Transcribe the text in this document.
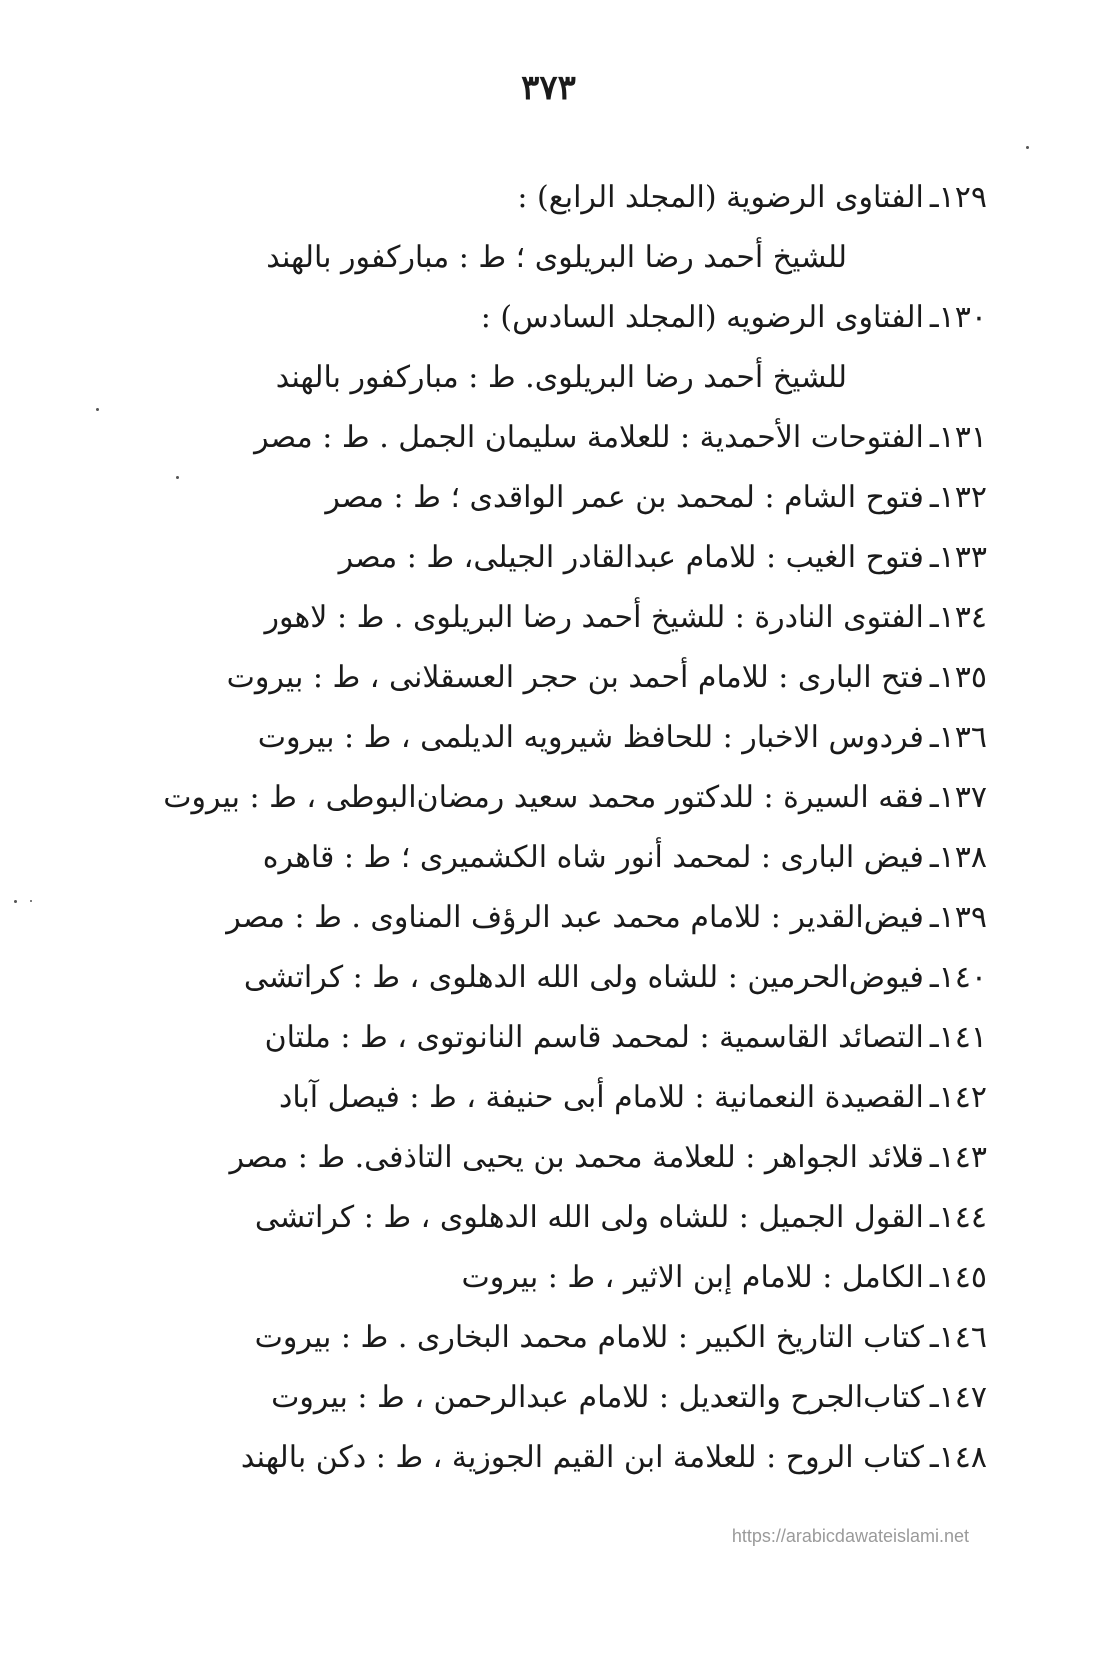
٣٧٣
١٢٩ـالفتاوى الرضوية (المجلد الرابع) :
للشيخ أحمد رضا البريلوى ؛ ط : مباركفور بالهند
١٣٠ـالفتاوى الرضويه (المجلد السادس) :
للشيخ أحمد رضا البريلوى. ط : مباركفور بالهند
١٣١ـالفتوحات الأحمدية : للعلامة سليمان الجمل . ط : مصر
١٣٢ـفتوح الشام : لمحمد بن عمر الواقدى ؛ ط : مصر
١٣٣ـفتوح الغيب : للامام عبدالقادر الجيلى، ط : مصر
١٣٤ـالفتوى النادرة : للشيخ أحمد رضا البريلوى . ط : لاهور
١٣٥ـفتح البارى : للامام أحمد بن حجر العسقلانى ، ط : بيروت
١٣٦ـفردوس الاخبار : للحافظ شيرويه الديلمى ، ط : بيروت
١٣٧ـفقه السيرة : للدكتور محمد سعيد رمضان‌البوطى ، ط : بيروت
١٣٨ـفيض البارى : لمحمد أنور شاه الكشميرى ؛ ط : قاهره
١٣٩ـفيض‌القدير : للامام محمد عبد الرؤف المناوى . ط : مصر
١٤٠ـفيوض‌الحرمين : للشاه ولى الله الدهلوى ، ط : كراتشى
١٤١ـالتصائد القاسمية : لمحمد قاسم النانوتوى ، ط : ملتان
١٤٢ـالقصيدة النعمانية : للامام أبى حنيفة ، ط : فيصل آباد
١٤٣ـقلائد الجواهر : للعلامة محمد بن يحيى التاذفى. ط : مصر
١٤٤ـالقول الجميل : للشاه ولى الله الدهلوى ، ط : كراتشى
١٤٥ـالكامل : للامام إبن الاثير ، ط : بيروت
١٤٦ـكتاب التاريخ الكبير : للامام محمد البخارى . ط : بيروت
١٤٧ـكتاب‌الجرح والتعديل : للامام عبدالرحمن ، ط : بيروت
١٤٨ـكتاب الروح : للعلامة ابن القيم الجوزية ، ط : دكن بالهند
https://arabicdawateislami.net
